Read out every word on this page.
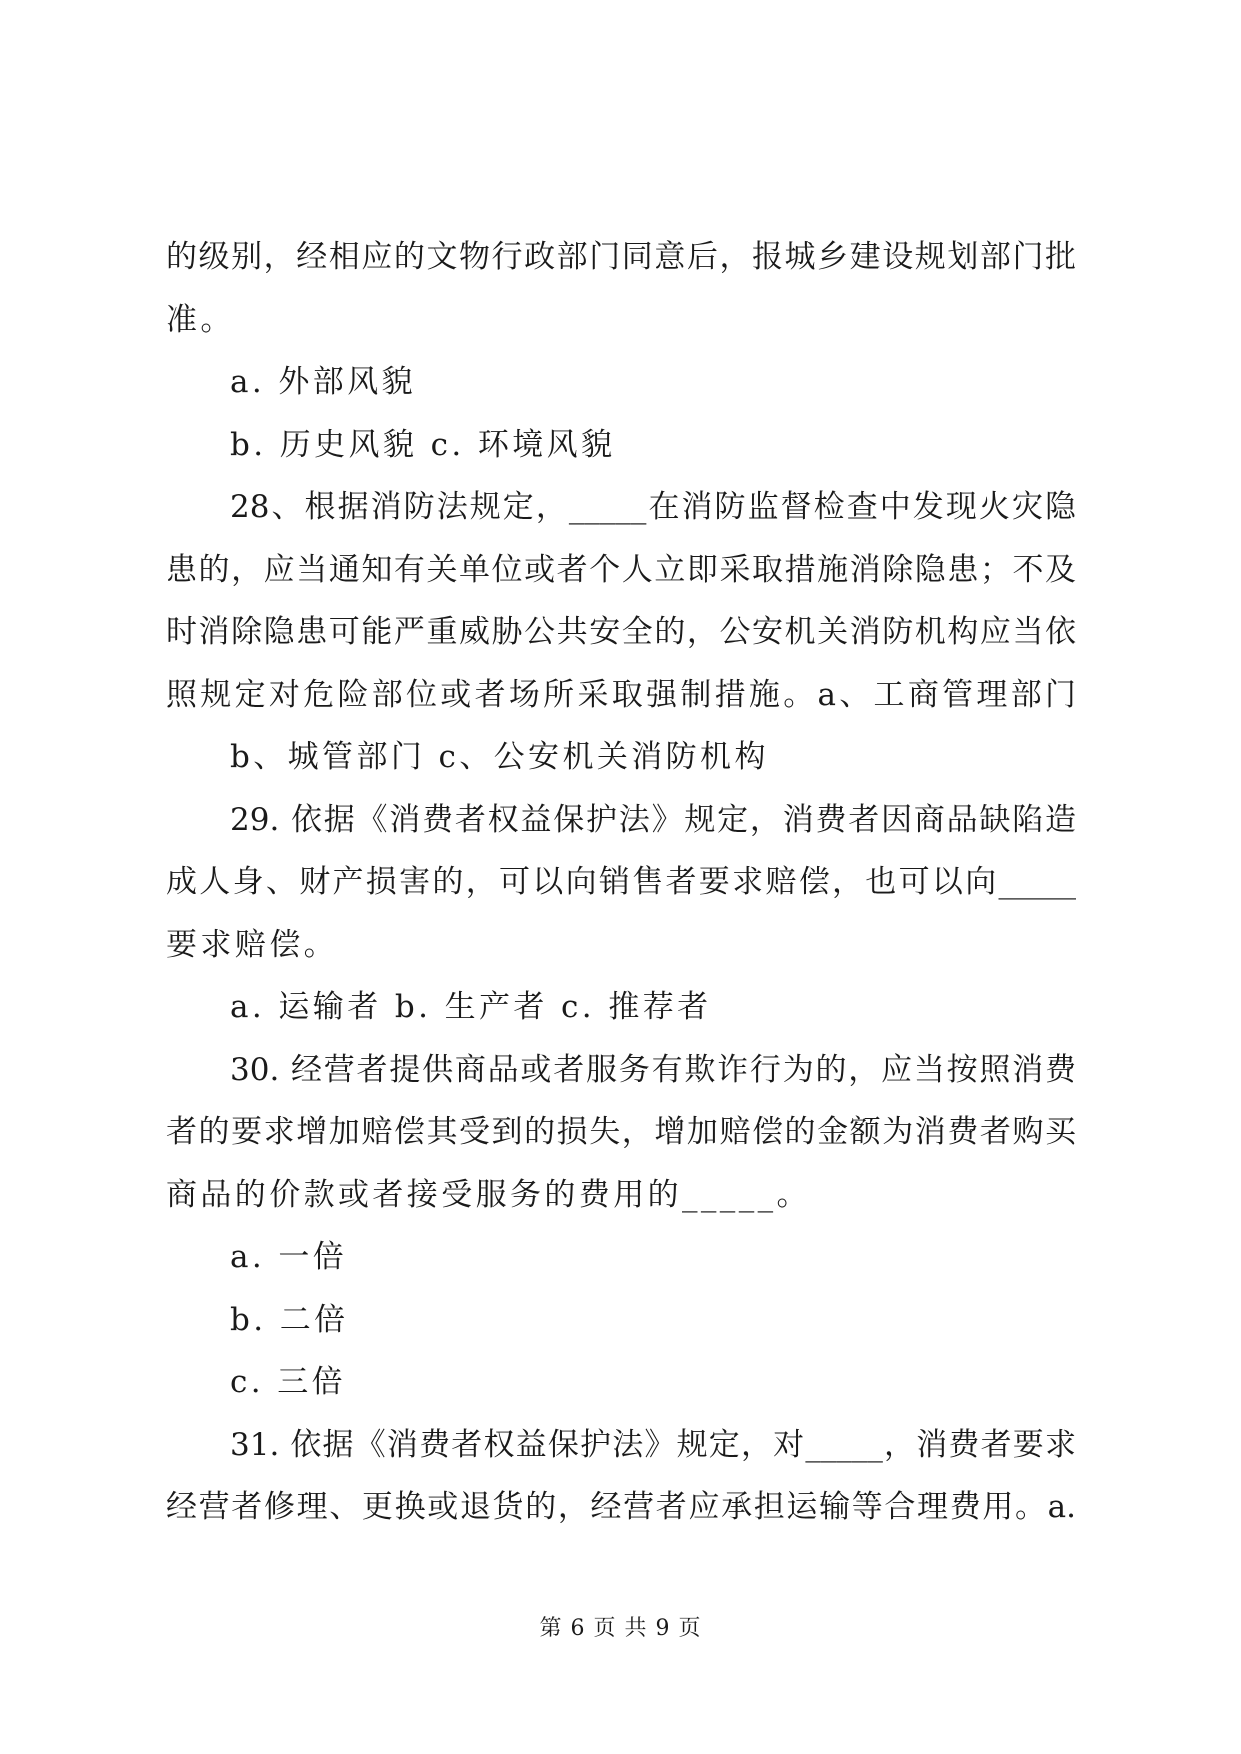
的级别，经相应的文物行政部门同意后，报城乡建设规划部门批
准。
a. 外部风貌
b. 历史风貌 c. 环境风貌
28、根据消防法规定，_____在消防监督检查中发现火灾隐
患的，应当通知有关单位或者个人立即采取措施消除隐患；不及
时消除隐患可能严重威胁公共安全的，公安机关消防机构应当依
照规定对危险部位或者场所采取强制措施。a、工商管理部门
b、城管部门 c、公安机关消防机构
29. 依据《消费者权益保护法》规定，消费者因商品缺陷造
成人身、财产损害的，可以向销售者要求赔偿，也可以向_____
要求赔偿。
a. 运输者 b. 生产者 c. 推荐者
30. 经营者提供商品或者服务有欺诈行为的，应当按照消费
者的要求增加赔偿其受到的损失，增加赔偿的金额为消费者购买
商品的价款或者接受服务的费用的_____。
a. 一倍
b. 二倍
c. 三倍
31. 依据《消费者权益保护法》规定，对_____，消费者要求
经营者修理、更换或退货的，经营者应承担运输等合理费用。a.
第 6 页 共 9 页
